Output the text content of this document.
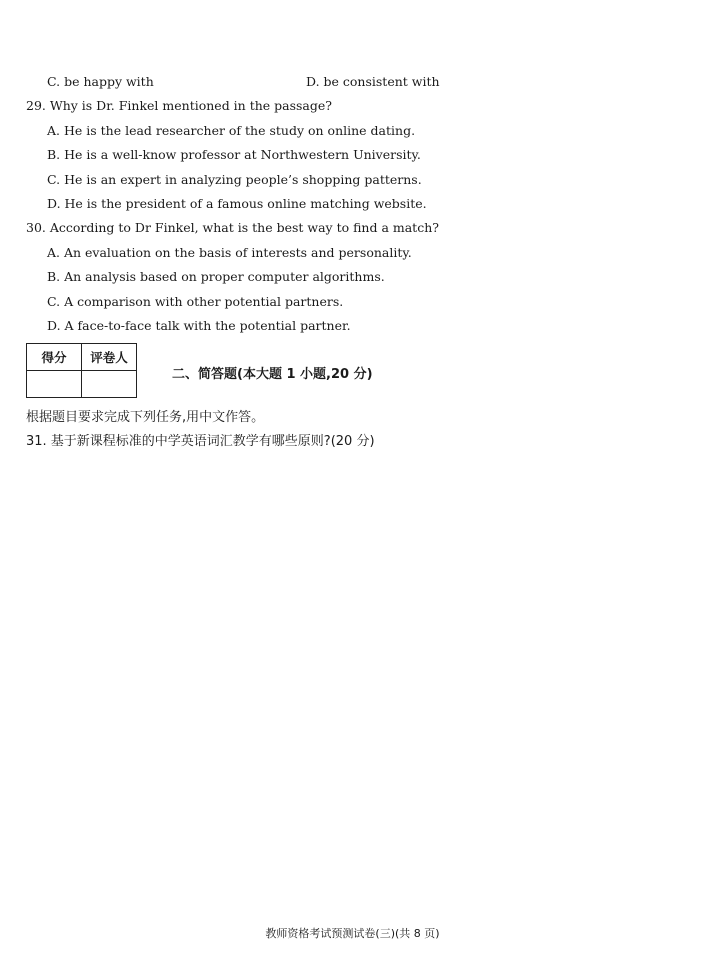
C. be happy with	D. be consistent with
29. Why is Dr. Finkel mentioned in the passage?
A. He is the lead researcher of the study on online dating.
B. He is a well-know professor at Northwestern University.
C. He is an expert in analyzing people’s shopping patterns.
D. He is the president of a famous online matching website.
30. According to Dr Finkel, what is the best way to find a match?
A. An evaluation on the basis of interests and personality.
B. An analysis based on proper computer algorithms.
C. A comparison with other potential partners.
D. A face-to-face talk with the potential partner.
得分	评卷人

二、简答题(本大题 1 小题,20 分)
根据题目要求完成下列任务,用中文作答。
31. 基于新课程标准的中学英语词汇教学有哪些原则?(20 分)
教师资格考试预测试卷(三)(共 8 页)
